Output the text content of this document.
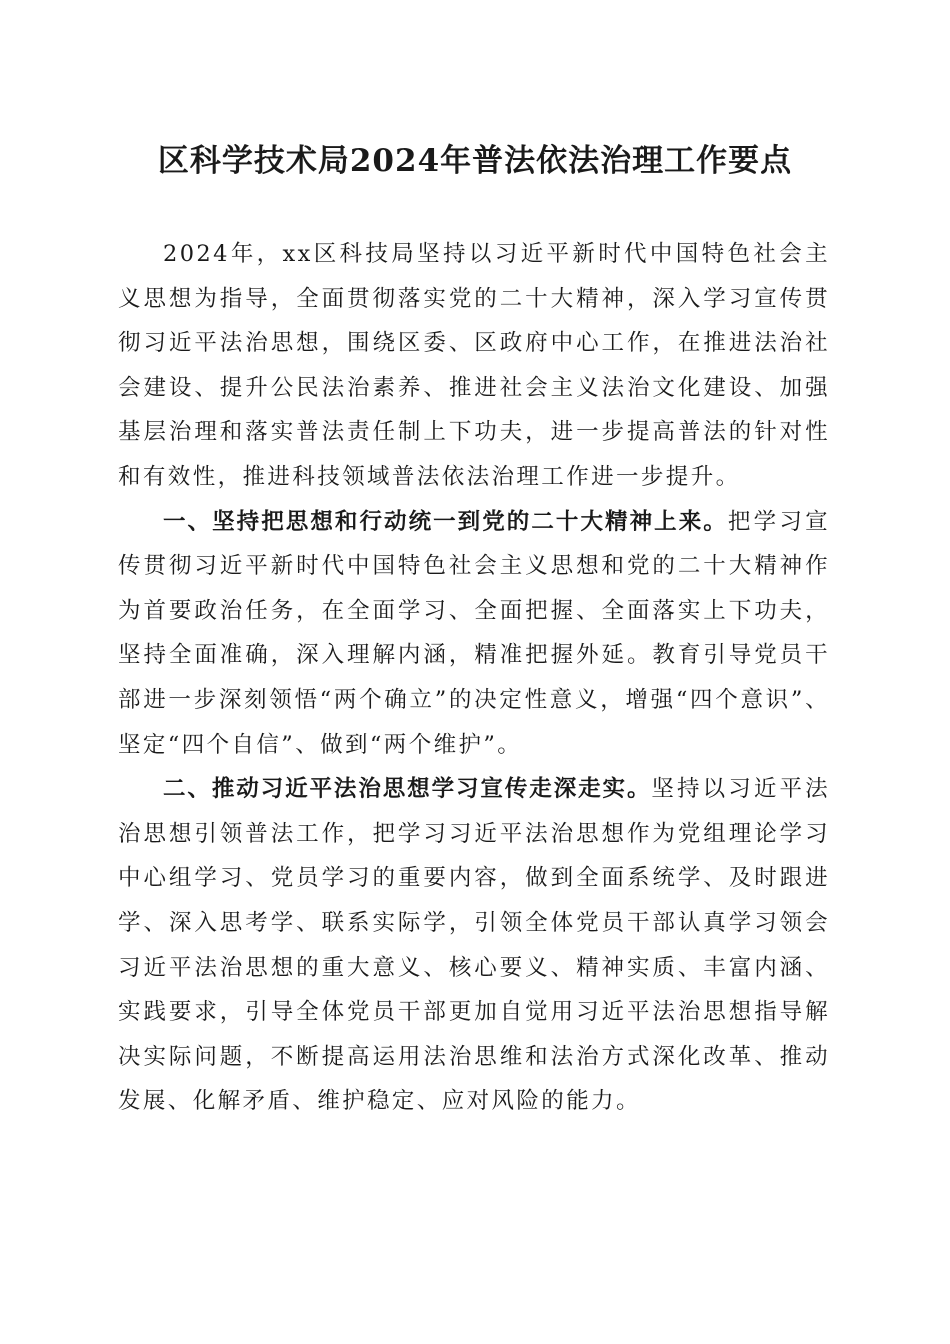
区科学技术局2024年普法依法治理工作要点

2024年，xx区科技局坚持以习近平新时代中国特色社会主义思想为指导，全面贯彻落实党的二十大精神，深入学习宣传贯彻习近平法治思想，围绕区委、区政府中心工作，在推进法治社会建设、提升公民法治素养、推进社会主义法治文化建设、加强基层治理和落实普法责任制上下功夫，进一步提高普法的针对性和有效性，推进科技领域普法依法治理工作进一步提升。

一、坚持把思想和行动统一到党的二十大精神上来。把学习宣传贯彻习近平新时代中国特色社会主义思想和党的二十大精神作为首要政治任务，在全面学习、全面把握、全面落实上下功夫，坚持全面准确，深入理解内涵，精准把握外延。教育引导党员干部进一步深刻领悟“两个确立”的决定性意义，增强“四个意识”、坚定“四个自信”、做到“两个维护”。

二、推动习近平法治思想学习宣传走深走实。坚持以习近平法治思想引领普法工作，把学习习近平法治思想作为党组理论学习中心组学习、党员学习的重要内容，做到全面系统学、及时跟进学、深入思考学、联系实际学，引领全体党员干部认真学习领会习近平法治思想的重大意义、核心要义、精神实质、丰富内涵、实践要求，引导全体党员干部更加自觉用习近平法治思想指导解决实际问题，不断提高运用法治思维和法治方式深化改革、推动发展、化解矛盾、维护稳定、应对风险的能力。
